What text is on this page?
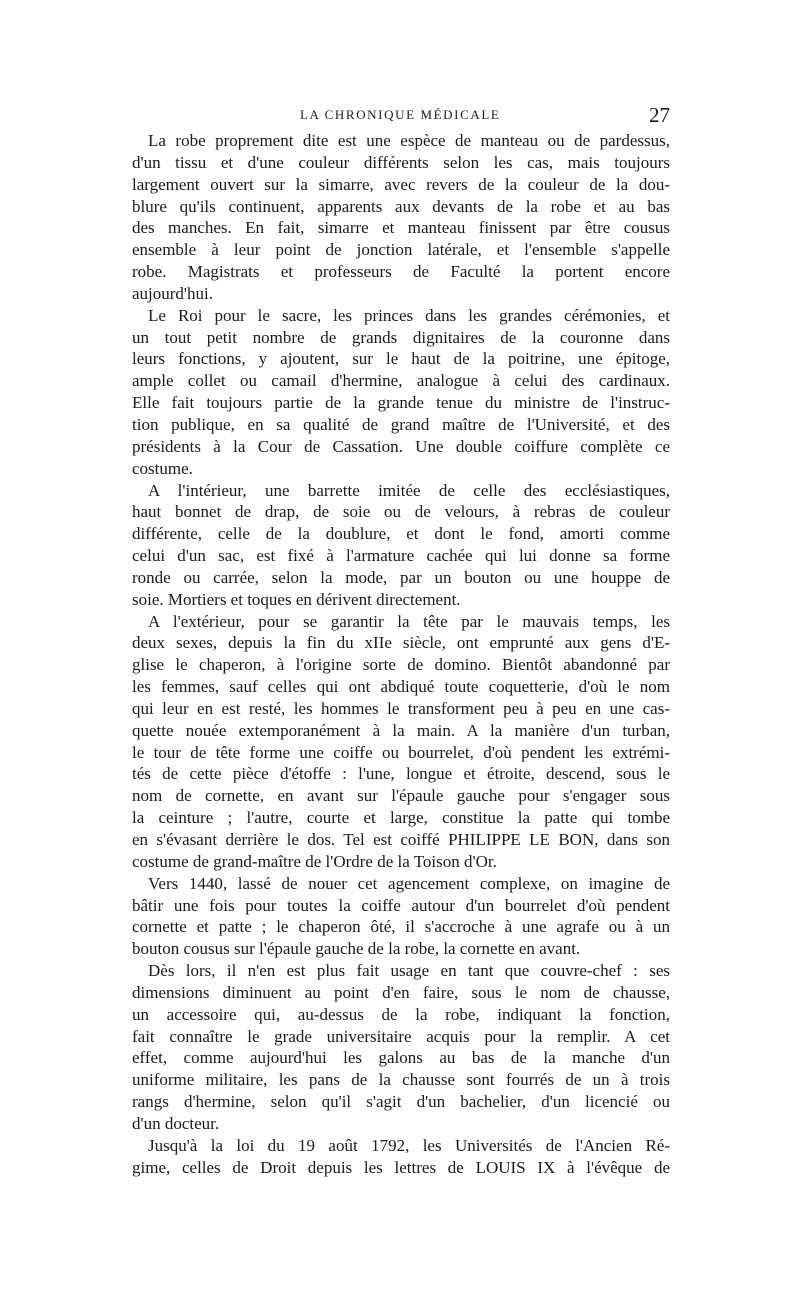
LA CHRONIQUE MÉDICALE	27
La robe proprement dite est une espèce de manteau ou de pardessus,
d'un tissu et d'une couleur différents selon les cas, mais toujours
largement ouvert sur la simarre, avec revers de la couleur de la dou-
blure qu'ils continuent, apparents aux devants de la robe et au bas
des manches. En fait, simarre et manteau finissent par être cousus
ensemble à leur point de jonction latérale, et l'ensemble s'appelle
robe. Magistrats et professeurs de Faculté la portent encore
aujourd'hui.
Le Roi pour le sacre, les princes dans les grandes cérémonies, et
un tout petit nombre de grands dignitaires de la couronne dans
leurs fonctions, y ajoutent, sur le haut de la poitrine, une épitoge,
ample collet ou camail d'hermine, analogue à celui des cardinaux.
Elle fait toujours partie de la grande tenue du ministre de l'instruc-
tion publique, en sa qualité de grand maître de l'Université, et des
présidents à la Cour de Cassation. Une double coiffure complète ce
costume.
A l'intérieur, une barrette imitée de celle des ecclésiastiques,
haut bonnet de drap, de soie ou de velours, à rebras de couleur
différente, celle de la doublure, et dont le fond, amorti comme
celui d'un sac, est fixé à l'armature cachée qui lui donne sa forme
ronde ou carrée, selon la mode, par un bouton ou une houppe de
soie. Mortiers et toques en dérivent directement.
A l'extérieur, pour se garantir la tête par le mauvais temps, les
deux sexes, depuis la fin du xIIe siècle, ont emprunté aux gens d'E-
glise le chaperon, à l'origine sorte de domino. Bientôt abandonné par
les femmes, sauf celles qui ont abdiqué toute coquetterie, d'où le nom
qui leur en est resté, les hommes le transforment peu à peu en une cas-
quette nouée extemporanément à la main. A la manière d'un turban,
le tour de tête forme une coiffe ou bourrelet, d'où pendent les extrémi-
tés de cette pièce d'étoffe : l'une, longue et étroite, descend, sous le
nom de cornette, en avant sur l'épaule gauche pour s'engager sous
la ceinture ; l'autre, courte et large, constitue la patte qui tombe
en s'évasant derrière le dos. Tel est coiffé PHILIPPE LE BON, dans son
costume de grand-maître de l'Ordre de la Toison d'Or.
Vers 1440, lassé de nouer cet agencement complexe, on imagine de
bâtir une fois pour toutes la coiffe autour d'un bourrelet d'où pendent
cornette et patte ; le chaperon ôté, il s'accroche à une agrafe ou à un
bouton cousus sur l'épaule gauche de la robe, la cornette en avant.
Dès lors, il n'en est plus fait usage en tant que couvre-chef : ses
dimensions diminuent au point d'en faire, sous le nom de chausse,
un accessoire qui, au-dessus de la robe, indiquant la fonction,
fait connaître le grade universitaire acquis pour la remplir. A cet
effet, comme aujourd'hui les galons au bas de la manche d'un
uniforme militaire, les pans de la chausse sont fourrés de un à trois
rangs d'hermine, selon qu'il s'agit d'un bachelier, d'un licencié ou
d'un docteur.
Jusqu'à la loi du 19 août 1792, les Universités de l'Ancien Ré-
gime, celles de Droit depuis les lettres de LOUIS IX à l'évêque de
